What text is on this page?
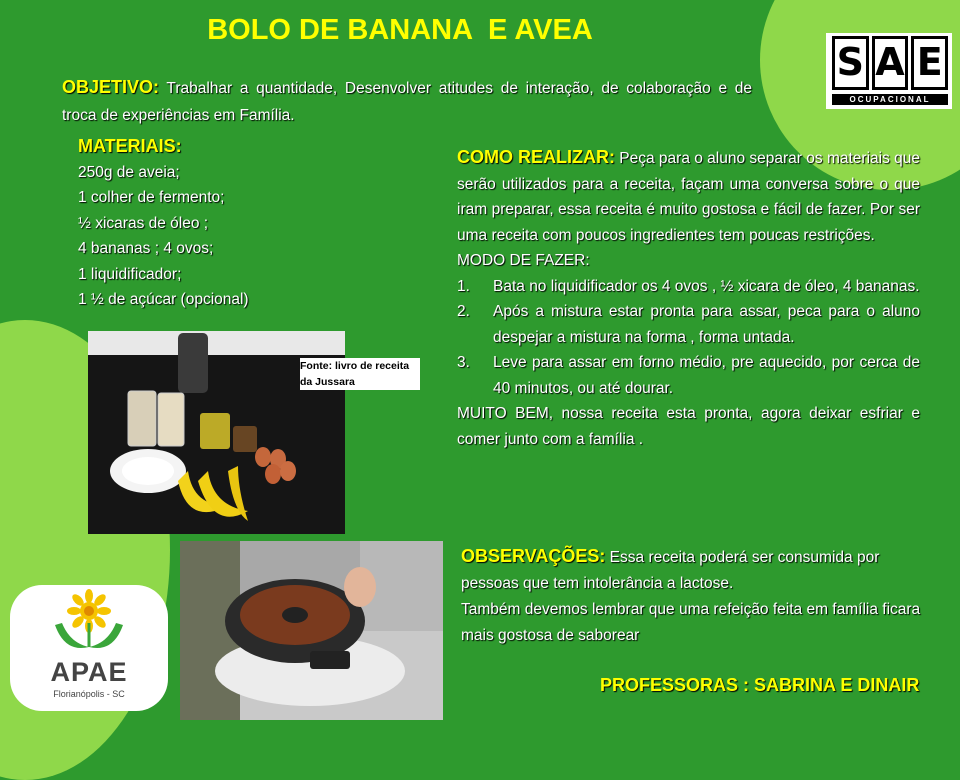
BOLO DE BANANA  E AVEA
S A E
OCUPACIONAL
OBJETIVO: Trabalhar a quantidade, Desenvolver atitudes de interação, de colaboração e de troca de experiências em Família.
MATERIAIS:
250g de aveia;
1 colher de fermento;
½ xicaras de óleo ;
4 bananas ; 4 ovos;
1 liquidificador;
1 ½ de açúcar (opcional)
Fonte: livro de receita da Jussara
COMO REALIZAR: Peça para o aluno separar os materiais que serão utilizados para a receita, façam uma conversa sobre o que iram preparar, essa receita é muito gostosa e fácil de fazer. Por ser uma receita com poucos ingredientes tem poucas restrições.
MODO DE FAZER:
1.	Bata no liquidificador os 4 ovos , ½ xicara de óleo, 4 bananas.
2.	Após a mistura estar pronta para assar, peca para o aluno despejar a mistura na forma , forma untada.
3.	Leve para assar em forno médio, pre aquecido, por cerca de 40 minutos, ou até dourar.
MUITO BEM, nossa receita esta pronta, agora deixar esfriar e comer junto com a família .
OBSERVAÇÕES: Essa receita poderá ser consumida por pessoas que tem intolerância a lactose.
Também devemos lembrar que uma refeição feita em família ficara mais gostosa de saborear
PROFESSORAS : SABRINA E DINAIR
APAE
Florianópolis - SC
